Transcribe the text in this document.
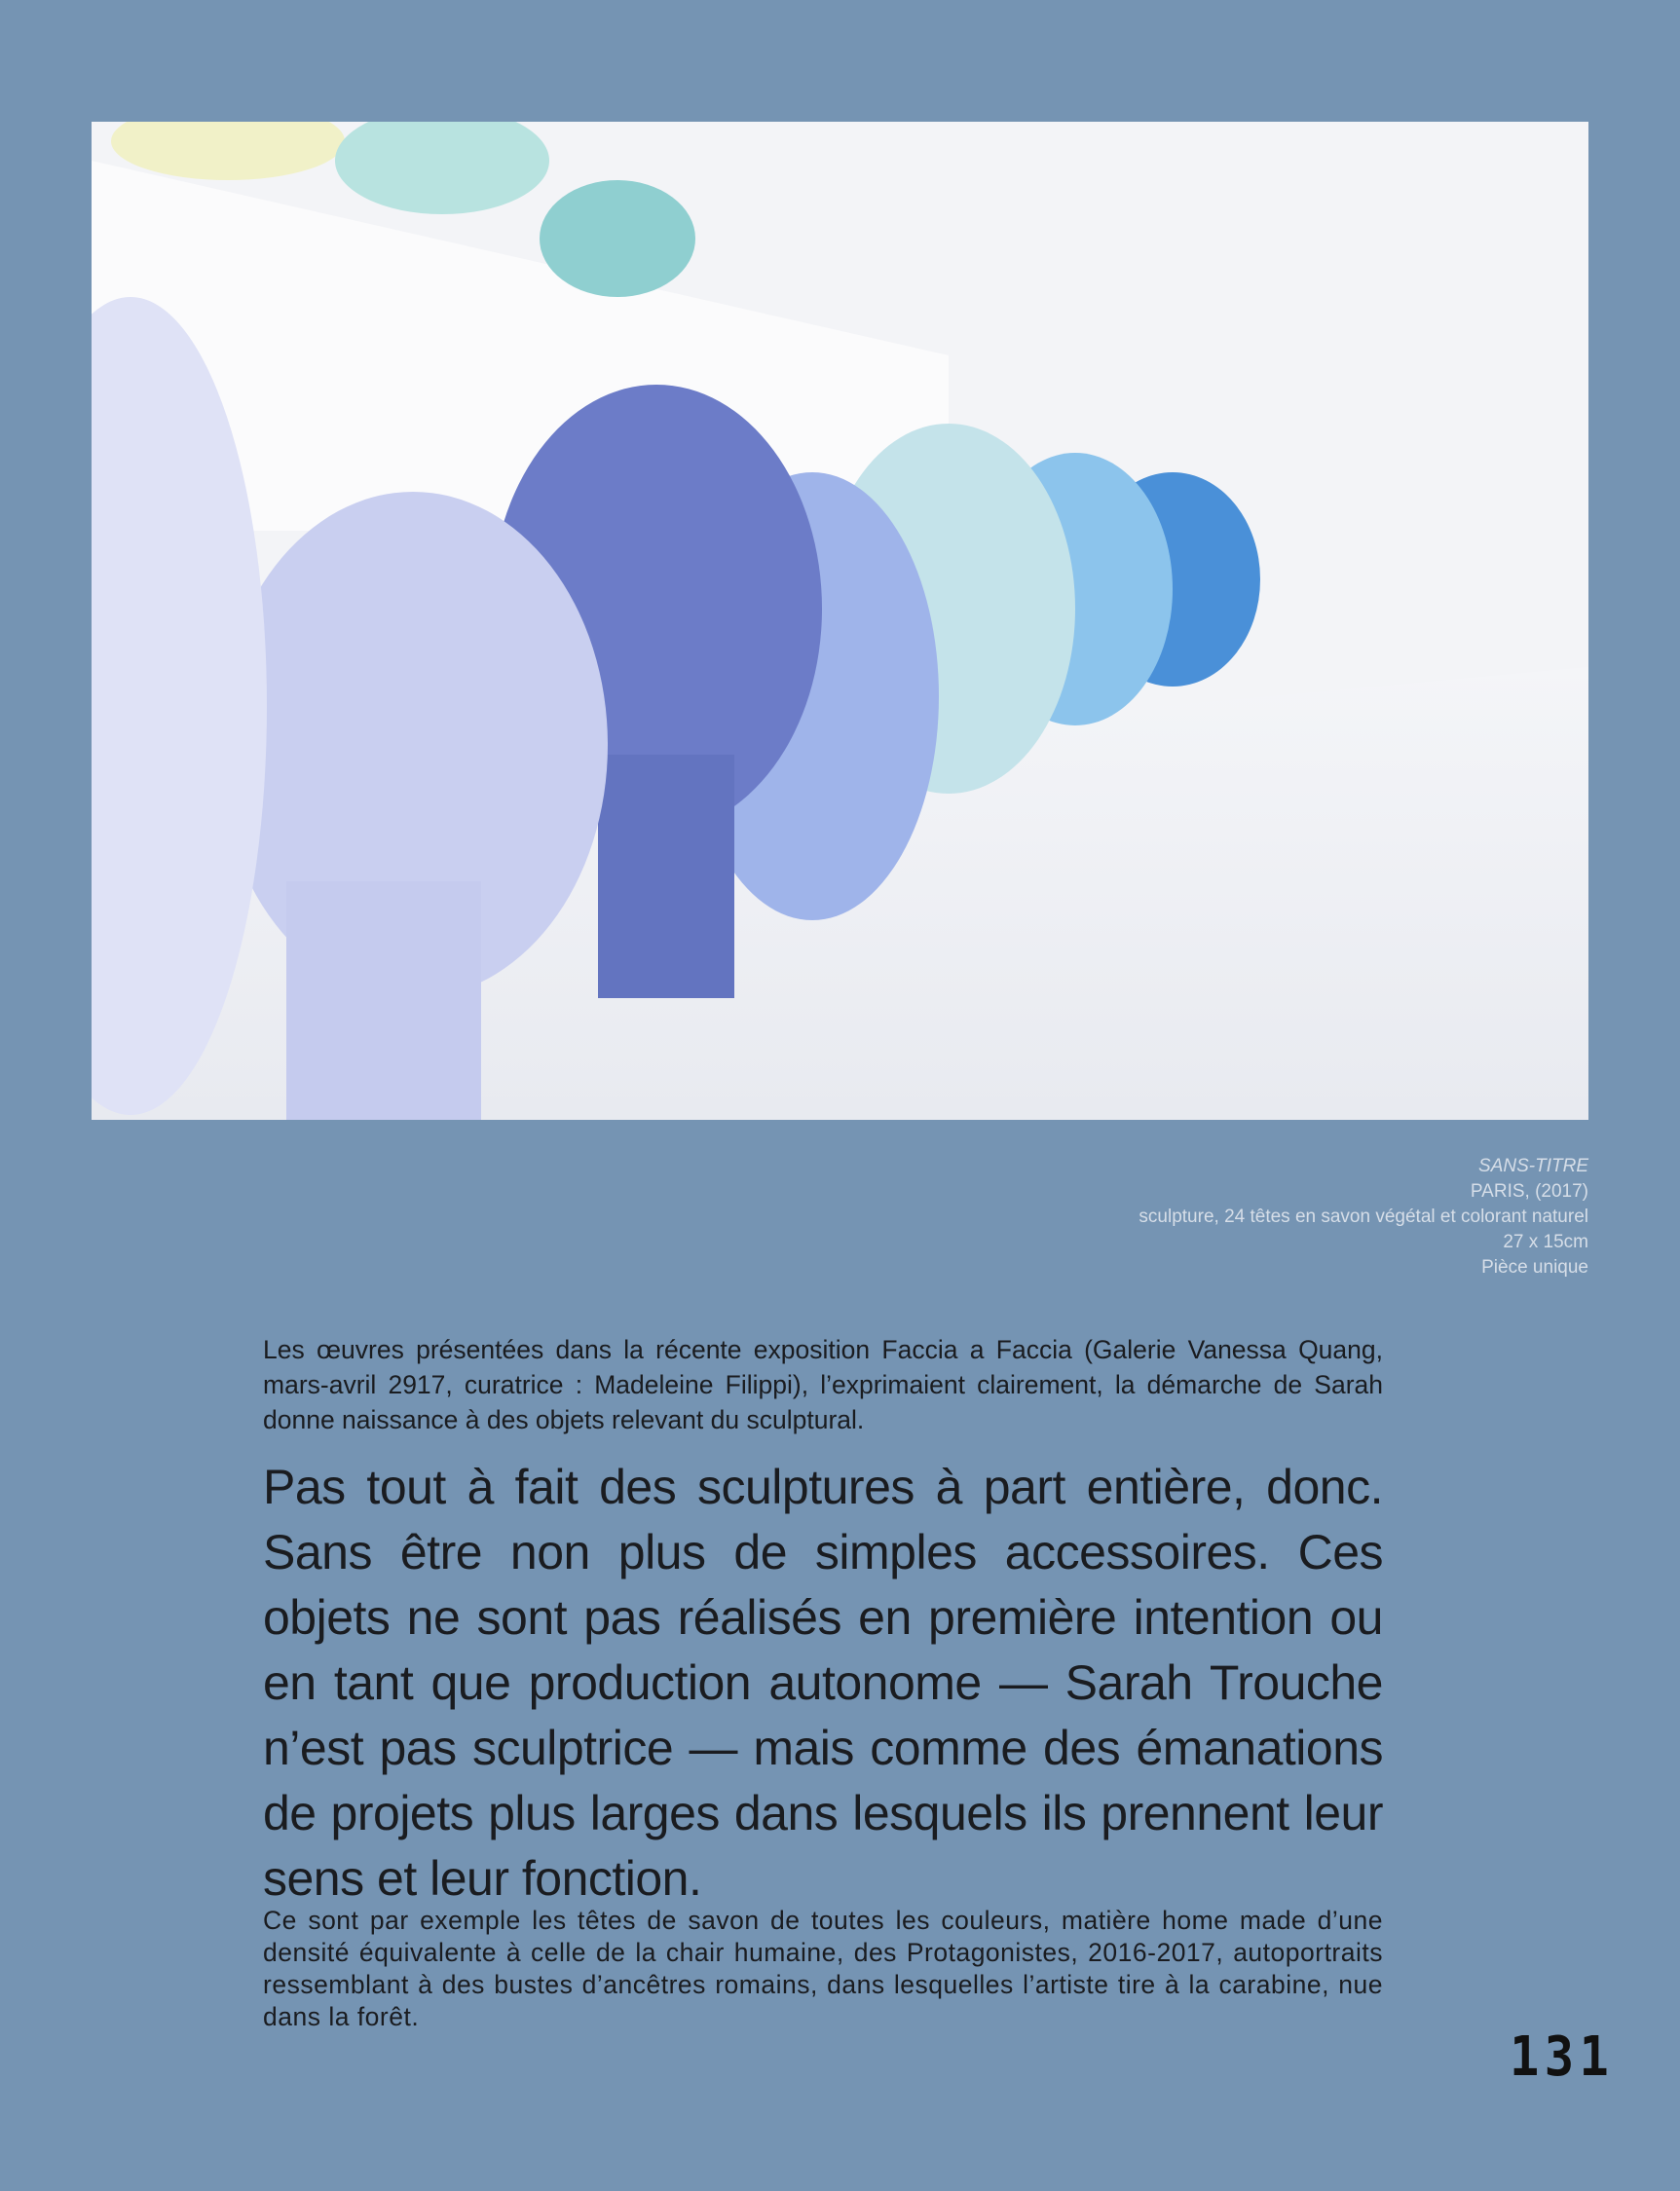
SANS-TITRE
PARIS, (2017)
sculpture, 24 têtes en savon végétal et colorant naturel
27 x 15cm
Pièce unique

Les œuvres présentées dans la récente exposition Faccia a Faccia (Galerie Vanessa Quang, mars-avril 2917, curatrice : Madeleine Filippi), l’exprimaient clairement, la démarche de Sarah donne naissance à des objets relevant du sculptural.

Pas tout à fait des sculptures à part entière, donc. Sans être non plus de simples accessoires. Ces objets ne sont pas réalisés en première intention ou en tant que production autonome — Sarah Trouche n’est pas sculptrice — mais comme des émanations de projets plus larges dans lesquels ils prennent leur sens et leur fonction.

Ce sont par exemple les têtes de savon de toutes les couleurs, matière home made d’une densité équivalente à celle de la chair humaine, des Protagonistes, 2016-2017, autoportraits ressemblant à des bustes d’ancêtres romains, dans lesquelles l’artiste tire à la carabine, nue dans la forêt.

131
